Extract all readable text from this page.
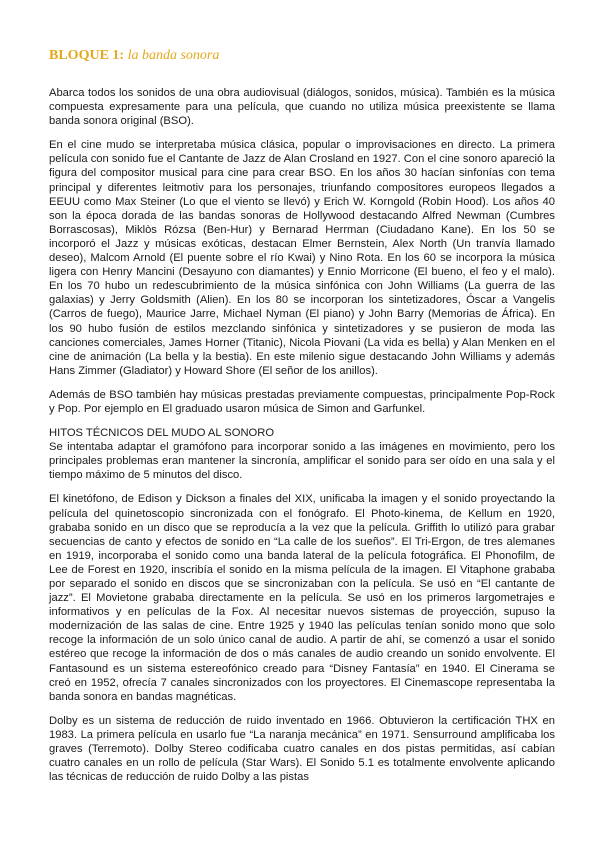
BLOQUE 1: la banda sonora

Abarca todos los sonidos de una obra audiovisual (diálogos, sonidos, música). También es la música compuesta expresamente para una película, que cuando no utiliza música preexistente se llama banda sonora original (BSO).

En el cine mudo se interpretaba música clásica, popular o improvisaciones en directo. La primera película con sonido fue el Cantante de Jazz de Alan Crosland en 1927. Con el cine sonoro apareció la figura del compositor musical para cine para crear BSO. En los años 30 hacían sinfonías con tema principal y diferentes leitmotiv para los personajes, triunfando compositores europeos llegados a EEUU como Max Steiner (Lo que el viento se llevó) y Erich W. Korngold (Robin Hood). Los años 40 son la época dorada de las bandas sonoras de Hollywood destacando Alfred Newman (Cumbres Borrascosas), Miklòs Rózsa (Ben-Hur) y Bernarad Herrman (Ciudadano Kane). En los 50 se incorporó el Jazz y músicas exóticas, destacan Elmer Bernstein, Alex North (Un tranvía llamado deseo), Malcom Arnold (El puente sobre el río Kwai) y Nino Rota. En los 60 se incorpora la música ligera con Henry Mancini (Desayuno con diamantes) y Ennio Morricone (El bueno, el feo y el malo). En los 70 hubo un redescubrimiento de la música sinfónica con John Williams (La guerra de las galaxias) y Jerry Goldsmith (Alien). En los 80 se incorporan los sintetizadores, Óscar a Vangelis (Carros de fuego), Maurice Jarre, Michael Nyman (El piano) y John Barry (Memorias de África). En los 90 hubo fusión de estilos mezclando sinfónica y sintetizadores y se pusieron de moda las canciones comerciales, James Horner (Titanic), Nicola Piovani (La vida es bella) y Alan Menken en el cine de animación (La bella y la bestia). En este milenio sigue destacando John Williams y además Hans Zimmer (Gladiator) y Howard Shore (El señor de los anillos).

Además de BSO también hay músicas prestadas previamente compuestas, principalmente Pop-Rock y Pop. Por ejemplo en El graduado usaron música de Simon and Garfunkel.

HITOS TÉCNICOS DEL MUDO AL SONORO

Se intentaba adaptar el gramófono para incorporar sonido a las imágenes en movimiento, pero los principales problemas eran mantener la sincronía, amplificar el sonido para ser oído en una sala y el tiempo máximo de 5 minutos del disco.

El kinetófono, de Edison y Dickson a finales del XIX, unificaba la imagen y el sonido proyectando la película del quinetoscopio sincronizada con el fonógrafo. El Photo-kinema, de Kellum en 1920, grababa sonido en un disco que se reproducía a la vez que la película. Griffith lo utilizó para grabar secuencias de canto y efectos de sonido en “La calle de los sueños”. El Tri-Ergon, de tres alemanes en 1919, incorporaba el sonido como una banda lateral de la película fotográfica. El Phonofilm, de Lee de Forest en 1920, inscribía el sonido en la misma película de la imagen. El Vitaphone grababa por separado el sonido en discos que se sincronizaban con la película. Se usó en “El cantante de jazz”. El Movietone grababa directamente en la película. Se usó en los primeros largometrajes e informativos y en películas de la Fox. Al necesitar nuevos sistemas de proyección, supuso la modernización de las salas de cine. Entre 1925 y 1940 las películas tenían sonido mono que solo recoge la información de un solo único canal de audio. A partir de ahí, se comenzó a usar el sonido estéreo que recoge la información de dos o más canales de audio creando un sonido envolvente. El Fantasound es un sistema estereofónico creado para “Disney Fantasía” en 1940. El Cinerama se creó en 1952, ofrecía 7 canales sincronizados con los proyectores. El Cinemascope representaba la banda sonora en bandas magnéticas.

Dolby es un sistema de reducción de ruido inventado en 1966. Obtuvieron la certificación THX en 1983. La primera película en usarlo fue “La naranja mecánica” en 1971. Sensurround amplificaba los graves (Terremoto). Dolby Stereo codificaba cuatro canales en dos pistas permitidas, así cabían cuatro canales en un rollo de película (Star Wars). El Sonido 5.1 es totalmente envolvente aplicando las técnicas de reducción de ruido Dolby a las pistas
